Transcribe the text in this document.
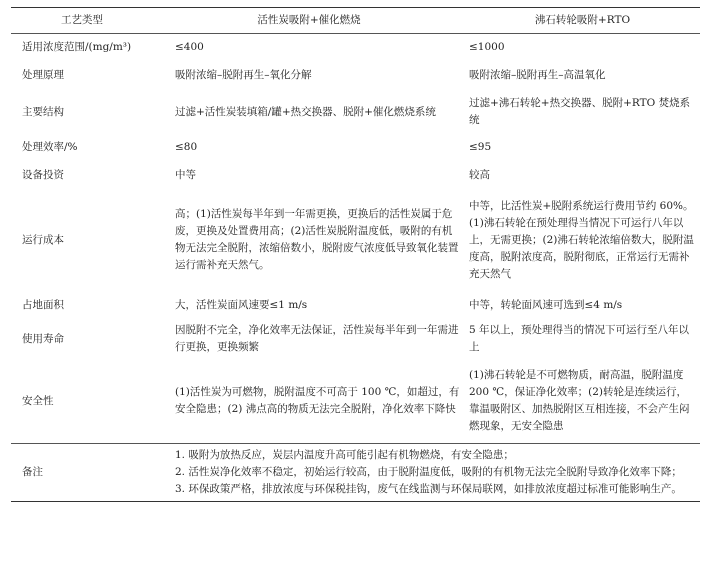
工艺类型	活性炭吸附+催化燃烧	沸石转轮吸附+RTO
适用浓度范围/(mg/m³)	≤400	≤1000
处理原理	吸附浓缩–脱附再生–氧化分解	吸附浓缩–脱附再生–高温氧化
主要结构	过滤+活性炭装填箱/罐+热交换器、脱附+催化燃烧系统	过滤+沸石转轮+热交换器、脱附+RTO 焚烧系统
处理效率/%	≤80	≤95
设备投资	中等	较高
运行成本	高；(1)活性炭每半年到一年需更换，更换后的活性炭属于危废，更换及处置费用高；(2)活性炭脱附温度低，吸附的有机物无法完全脱附，浓缩倍数小，脱附废气浓度低导致氧化装置运行需补充天然气。	中等，比活性炭+脱附系统运行费用节约 60%。(1)沸石转轮在预处理得当情况下可运行八年以上，无需更换；(2)沸石转轮浓缩倍数大，脱附温度高，脱附浓度高，脱附彻底，正常运行无需补充天然气
占地面积	大，活性炭面风速要≤1 m/s	中等，转轮面风速可选到≤4 m/s
使用寿命	因脱附不完全，净化效率无法保证，活性炭每半年到一年需进行更换，更换频繁	5 年以上，预处理得当的情况下可运行至八年以上
安全性	(1)活性炭为可燃物，脱附温度不可高于 100 ℃，如超过，有安全隐患；(2) 沸点高的物质无法完全脱附，净化效率下降快	(1)沸石转轮是不可燃物质，耐高温，脱附温度 200 ℃，保证净化效率；(2)转轮是连续运行，靠温吸附区、加热脱附区互相连接，不会产生闷燃现象，无安全隐患
备注	1. 吸附为放热反应，炭层内温度升高可能引起有机物燃烧，有安全隐患；
2. 活性炭净化效率不稳定，初始运行较高，由于脱附温度低，吸附的有机物无法完全脱附导致净化效率下降；
3. 环保政策严格，排放浓度与环保税挂钩，废气在线监测与环保局联网，如排放浓度超过标准可能影响生产。	
